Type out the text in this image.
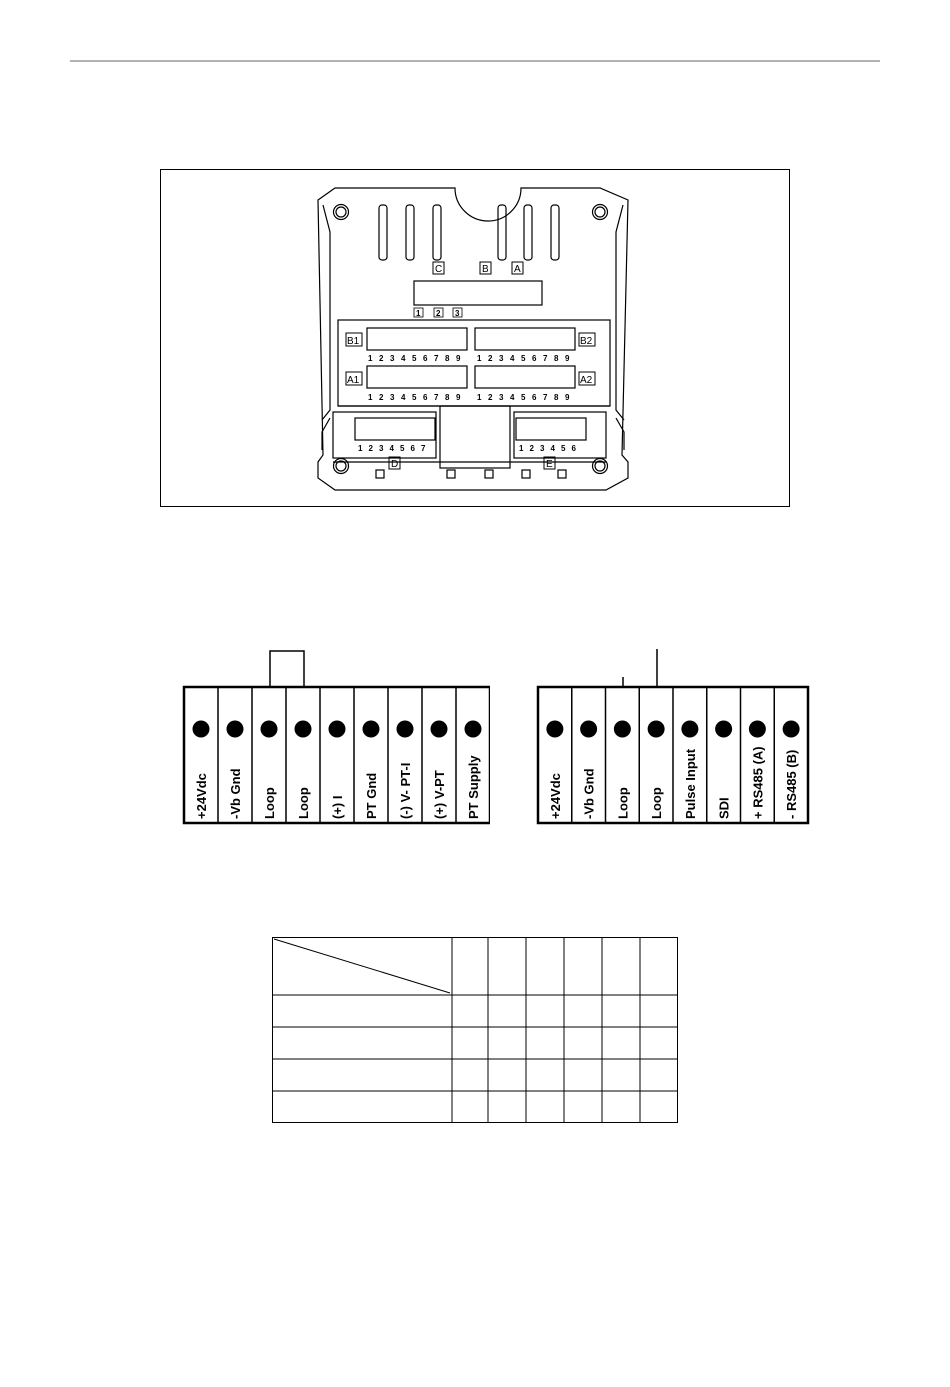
C	B	A
D	E
B1	B2
A1	A2
1 2 3
1 2 3 4 5 6 7 8 9 1 2 3 4 5 6 7 8 9
1 2 3 4 5 6 7 8 9 1 2 3 4 5 6 7 8 9
1 2 3 4 5 6 7	1 2 3 4 5 6
+24Vdc -Vb Gnd Loop Loop (+) I PT Gnd (-) V- PT-I (+) V-PT PT Supply	+24Vdc -Vb Gnd Loop Loop Pulse Input SDI + RS485 (A) - RS485 (B)
